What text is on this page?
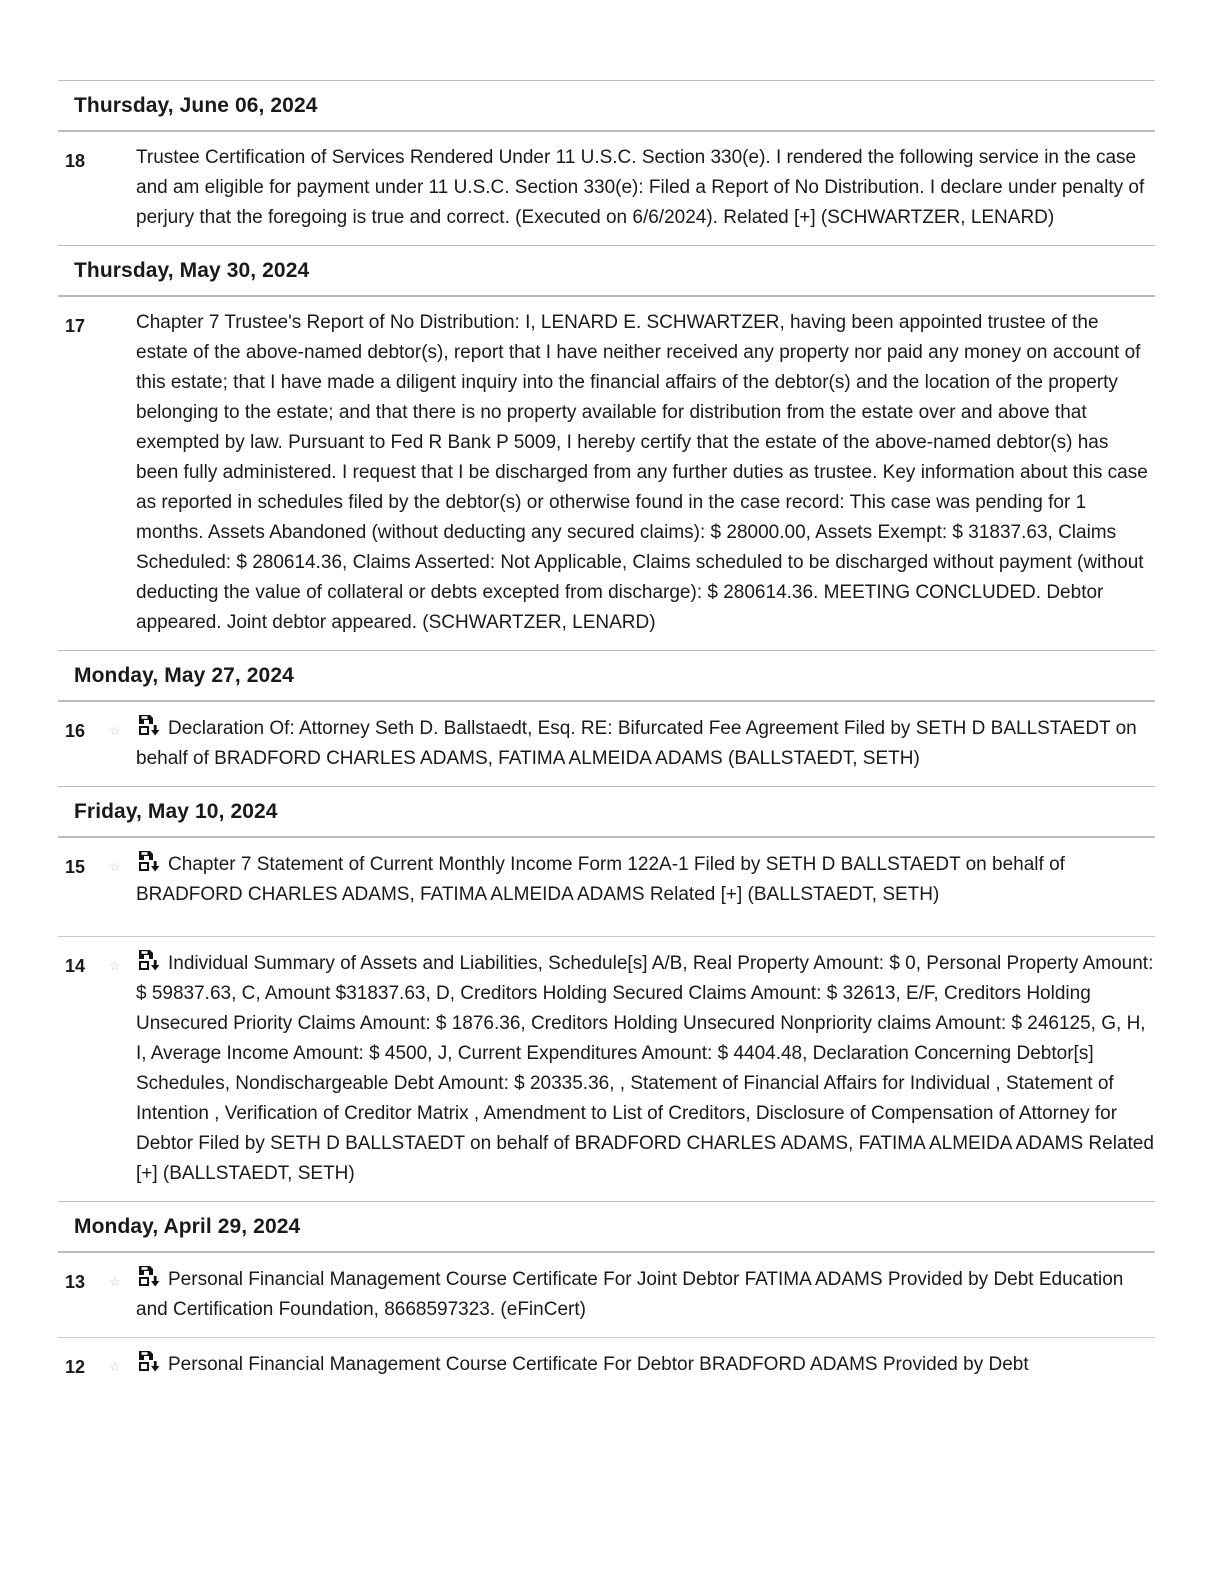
Thursday, June 06, 2024
18	Trustee Certification of Services Rendered Under 11 U.S.C. Section 330(e). I rendered the following service in the case and am eligible for payment under 11 U.S.C. Section 330(e): Filed a Report of No Distribution. I declare under penalty of perjury that the foregoing is true and correct. (Executed on 6/6/2024). Related [+] (SCHWARTZER, LENARD)
Thursday, May 30, 2024
17	Chapter 7 Trustee's Report of No Distribution: I, LENARD E. SCHWARTZER, having been appointed trustee of the estate of the above-named debtor(s), report that I have neither received any property nor paid any money on account of this estate; that I have made a diligent inquiry into the financial affairs of the debtor(s) and the location of the property belonging to the estate; and that there is no property available for distribution from the estate over and above that exempted by law. Pursuant to Fed R Bank P 5009, I hereby certify that the estate of the above-named debtor(s) has been fully administered. I request that I be discharged from any further duties as trustee. Key information about this case as reported in schedules filed by the debtor(s) or otherwise found in the case record: This case was pending for 1 months. Assets Abandoned (without deducting any secured claims): $ 28000.00, Assets Exempt: $ 31837.63, Claims Scheduled: $ 280614.36, Claims Asserted: Not Applicable, Claims scheduled to be discharged without payment (without deducting the value of collateral or debts excepted from discharge): $ 280614.36. MEETING CONCLUDED. Debtor appeared. Joint debtor appeared. (SCHWARTZER, LENARD)
Monday, May 27, 2024
16 ☆	Declaration Of: Attorney Seth D. Ballstaedt, Esq. RE: Bifurcated Fee Agreement Filed by SETH D BALLSTAEDT on behalf of BRADFORD CHARLES ADAMS, FATIMA ALMEIDA ADAMS (BALLSTAEDT, SETH)
Friday, May 10, 2024
15 ☆	Chapter 7 Statement of Current Monthly Income Form 122A-1 Filed by SETH D BALLSTAEDT on behalf of BRADFORD CHARLES ADAMS, FATIMA ALMEIDA ADAMS Related [+] (BALLSTAEDT, SETH)
14 ☆	Individual Summary of Assets and Liabilities, Schedule[s] A/B, Real Property Amount: $ 0, Personal Property Amount: $ 59837.63, C, Amount $31837.63, D, Creditors Holding Secured Claims Amount: $ 32613, E/F, Creditors Holding Unsecured Priority Claims Amount: $ 1876.36, Creditors Holding Unsecured Nonpriority claims Amount: $ 246125, G, H, I, Average Income Amount: $ 4500, J, Current Expenditures Amount: $ 4404.48, Declaration Concerning Debtor[s] Schedules, Nondischargeable Debt Amount: $ 20335.36, , Statement of Financial Affairs for Individual , Statement of Intention , Verification of Creditor Matrix , Amendment to List of Creditors, Disclosure of Compensation of Attorney for Debtor Filed by SETH D BALLSTAEDT on behalf of BRADFORD CHARLES ADAMS, FATIMA ALMEIDA ADAMS Related [+] (BALLSTAEDT, SETH)
Monday, April 29, 2024
13 ☆	Personal Financial Management Course Certificate For Joint Debtor FATIMA ADAMS Provided by Debt Education and Certification Foundation, 8668597323. (eFinCert)
12 ☆	Personal Financial Management Course Certificate For Debtor BRADFORD ADAMS Provided by Debt
